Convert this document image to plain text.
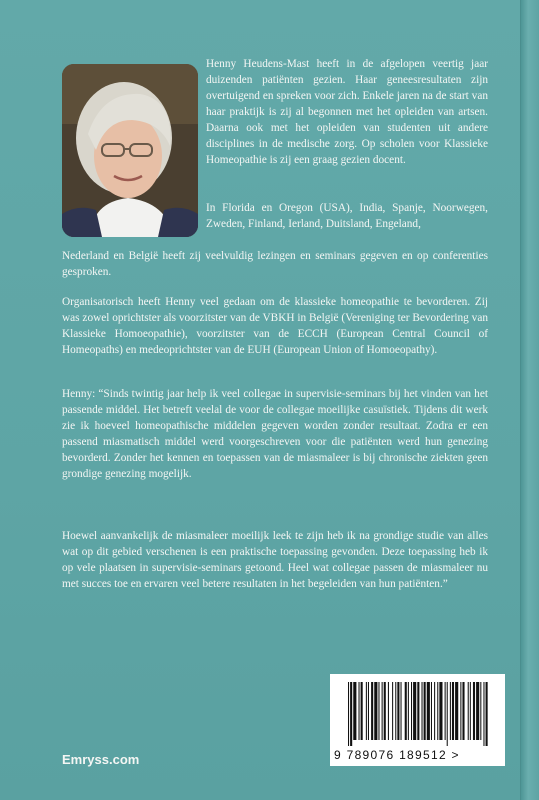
Henny Heudens-Mast heeft in de afgelopen veertig jaar duizenden patiënten gezien. Haar geneesresultaten zijn overtuigend en spreken voor zich. Enkele jaren na de start van haar praktijk is zij al begonnen met het opleiden van artsen. Daarna ook met het opleiden van studenten uit andere disciplines in de medische zorg. Op scholen voor Klassieke Homeopathie is zij een graag gezien docent.

In Florida en Oregon (USA), India, Spanje, Noorwegen, Zweden, Finland, Ierland, Duitsland, Engeland,

Nederland en België heeft zij veelvuldig lezingen en seminars gegeven en op conferenties gesproken.

Organisatorisch heeft Henny veel gedaan om de klassieke homeopathie te bevorderen. Zij was zowel oprichtster als voorzitster van de VBKH in België (Vereniging ter Bevordering van Klassieke Homoeopathie), voorzitster van de ECCH (European Central Council of Homeopaths) en medeoprichtster van de EUH (European Union of Homoeopathy).

Henny: “Sinds twintig jaar help ik veel collegae in supervisie-seminars bij het vinden van het passende middel. Het betreft veelal de voor de collegae moeilijke casuïstiek. Tijdens dit werk zie ik hoeveel homeopathische middelen gegeven worden zonder resultaat. Zodra er een passend miasmatisch middel werd voorgeschreven voor die patiënten werd hun genezing bevorderd. Zonder het kennen en toepassen van de miasmaleer is bij chronische ziekten geen grondige genezing mogelijk.

Hoewel aanvankelijk de miasmaleer moeilijk leek te zijn heb ik na grondige studie van alles wat op dit gebied verschenen is een praktische toepassing gevonden. Deze toepassing heb ik op vele plaatsen in supervisie-seminars getoond. Heel wat collegae passen de miasmaleer nu met succes toe en ervaren veel betere resultaten in het begeleiden van hun patiënten.”

Emryss.com	9 789076 189512 >
